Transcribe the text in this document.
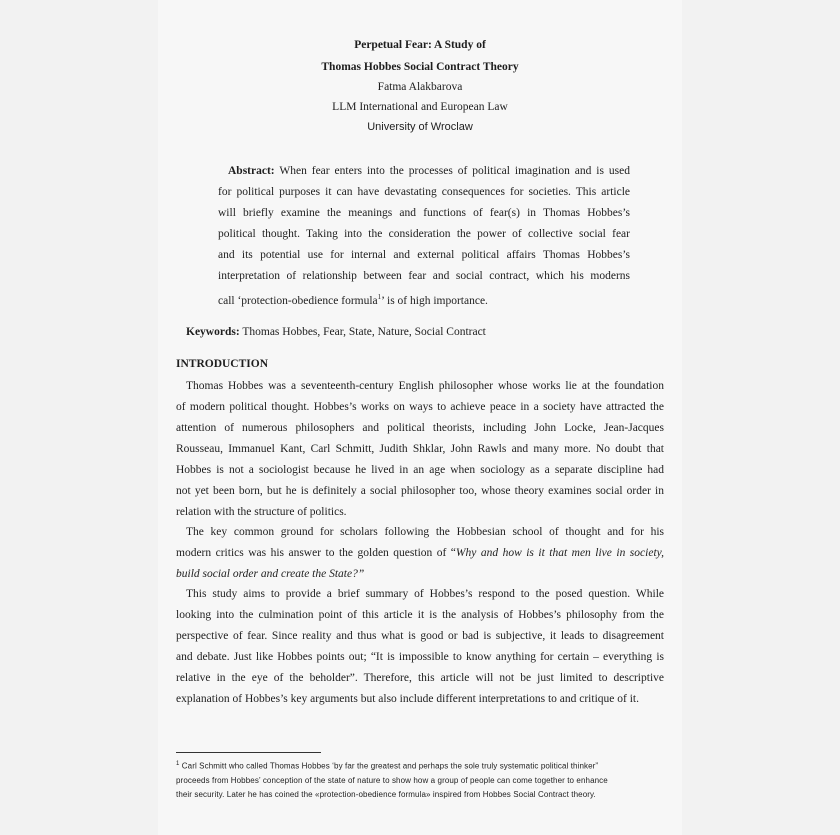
Perpetual Fear: A Study of
Thomas Hobbes Social Contract Theory
Fatma Alakbarova
LLM International and European Law
University of Wroclaw
Abstract: When fear enters into the processes of political imagination and is used
for political purposes it can have devastating consequences for societies. This article
will briefly examine the meanings and functions of fear(s) in Thomas Hobbes’s
political thought. Taking into the consideration the power of collective social fear
and its potential use for internal and external political affairs Thomas Hobbes’s
interpretation of relationship between fear and social contract, which his moderns
call ‘protection-obedience formula$^1$’ is of high importance.
Keywords: Thomas Hobbes, Fear, State, Nature, Social Contract
INTRODUCTION
Thomas Hobbes was a seventeenth-century English philosopher whose works lie at the foundation
of modern political thought. Hobbes’s works on ways to achieve peace in a society have attracted the
attention of numerous philosophers and political theorists, including John Locke, Jean-Jacques
Rousseau, Immanuel Kant, Carl Schmitt, Judith Shklar, John Rawls and many more. No doubt that
Hobbes is not a sociologist because he lived in an age when sociology as a separate discipline had
not yet been born, but he is definitely a social philosopher too, whose theory examines social order in
relation with the structure of politics.
The key common ground for scholars following the Hobbesian school of thought and for his
modern critics was his answer to the golden question of “Why and how is it that men live in society,
build social order and create the State?”
This study aims to provide a brief summary of Hobbes’s respond to the posed question. While
looking into the culmination point of this article it is the analysis of Hobbes’s philosophy from the
perspective of fear. Since reality and thus what is good or bad is subjective, it leads to disagreement
and debate. Just like Hobbes points out; “It is impossible to know anything for certain – everything is
relative in the eye of the beholder”. Therefore, this article will not be just limited to descriptive
explanation of Hobbes’s key arguments but also include different interpretations to and critique of it.
$^1$ Carl Schmitt who called Thomas Hobbes ‘by far the greatest and perhaps the sole truly systematic political thinker”
proceeds from Hobbes’ conception of the state of nature to show how a group of people can come together to enhance
their security. Later he has coined the «protection-obedience formula» inspired from Hobbes Social Contract theory.
